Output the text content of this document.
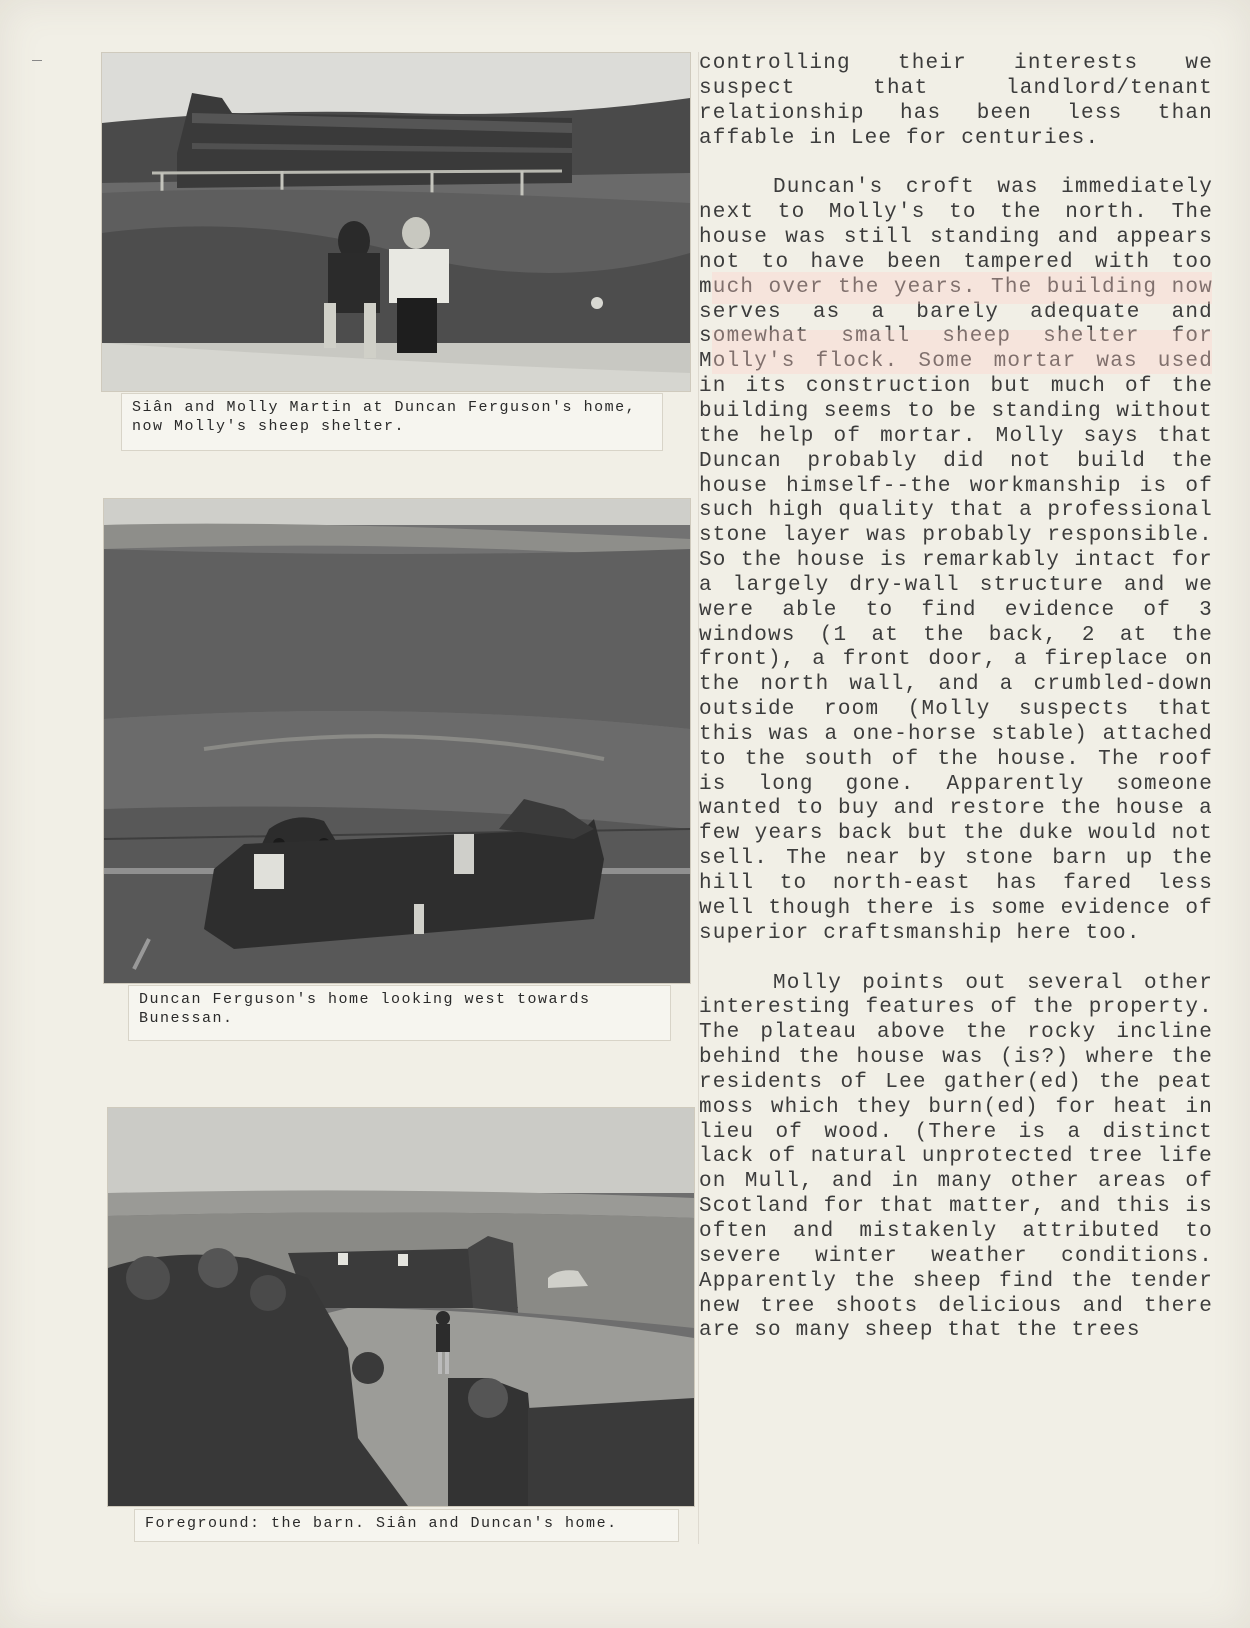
Siân and Molly Martin at Duncan Ferguson's home,
now Molly's sheep shelter.
Duncan Ferguson's home looking west towards
Bunessan.
Foreground: the barn. Siân and Duncan's home.

controlling their interests we suspect that landlord/tenant relationship has been less than affable in Lee for centuries.

Duncan's croft was immediately next to Molly's to the north. The house was still standing and appears not to have been tampered with too much over the years. The building now serves as a barely adequate and somewhat small sheep shelter for Molly's flock. Some mortar was used in its construction but much of the building seems to be standing without the help of mortar. Molly says that Duncan probably did not build the house himself--the workmanship is of such high quality that a professional stone layer was probably responsible. So the house is remarkably intact for a largely dry-wall structure and we were able to find evidence of 3 windows (1 at the back, 2 at the front), a front door, a fireplace on the north wall, and a crumbled-down outside room (Molly suspects that this was a one-horse stable) attached to the south of the house. The roof is long gone. Apparently someone wanted to buy and restore the house a few years back but the duke would not sell. The near by stone barn up the hill to north-east has fared less well though there is some evidence of superior craftsmanship here too.

Molly points out several other interesting features of the property. The plateau above the rocky incline behind the house was (is?) where the residents of Lee gather(ed) the peat moss which they burn(ed) for heat in lieu of wood. (There is a distinct lack of natural unprotected tree life on Mull, and in many other areas of Scotland for that matter, and this is often and mistakenly attributed to severe winter weather conditions. Apparently the sheep find the tender new tree shoots delicious and there are so many sheep that the trees
